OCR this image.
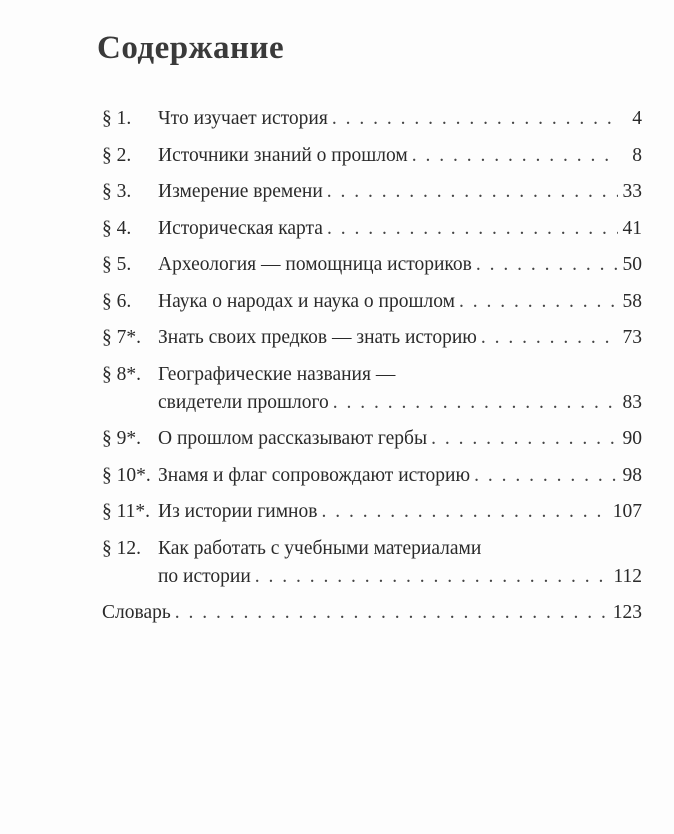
Содержание
§ 1. Что изучает история . . .	4
§ 2. Источники знаний о прошлом . . .	8
§ 3. Измерение времени . . .	33
§ 4. Историческая карта . . .	41
§ 5. Археология — помощница историков . . .	50
§ 6. Наука о народах и наука о прошлом . . .	58
§ 7*. Знать своих предков — знать историю . . .	73
§ 8*. Географические названия —
свидетели прошлого . . .	83
§ 9*. О прошлом рассказывают гербы . . .	90
§ 10*. Знамя и флаг сопровождают историю . . .	98
§ 11*. Из истории гимнов . . .	107
§ 12. Как работать с учебными материалами
по истории . . .	112
Словарь . . .	123
